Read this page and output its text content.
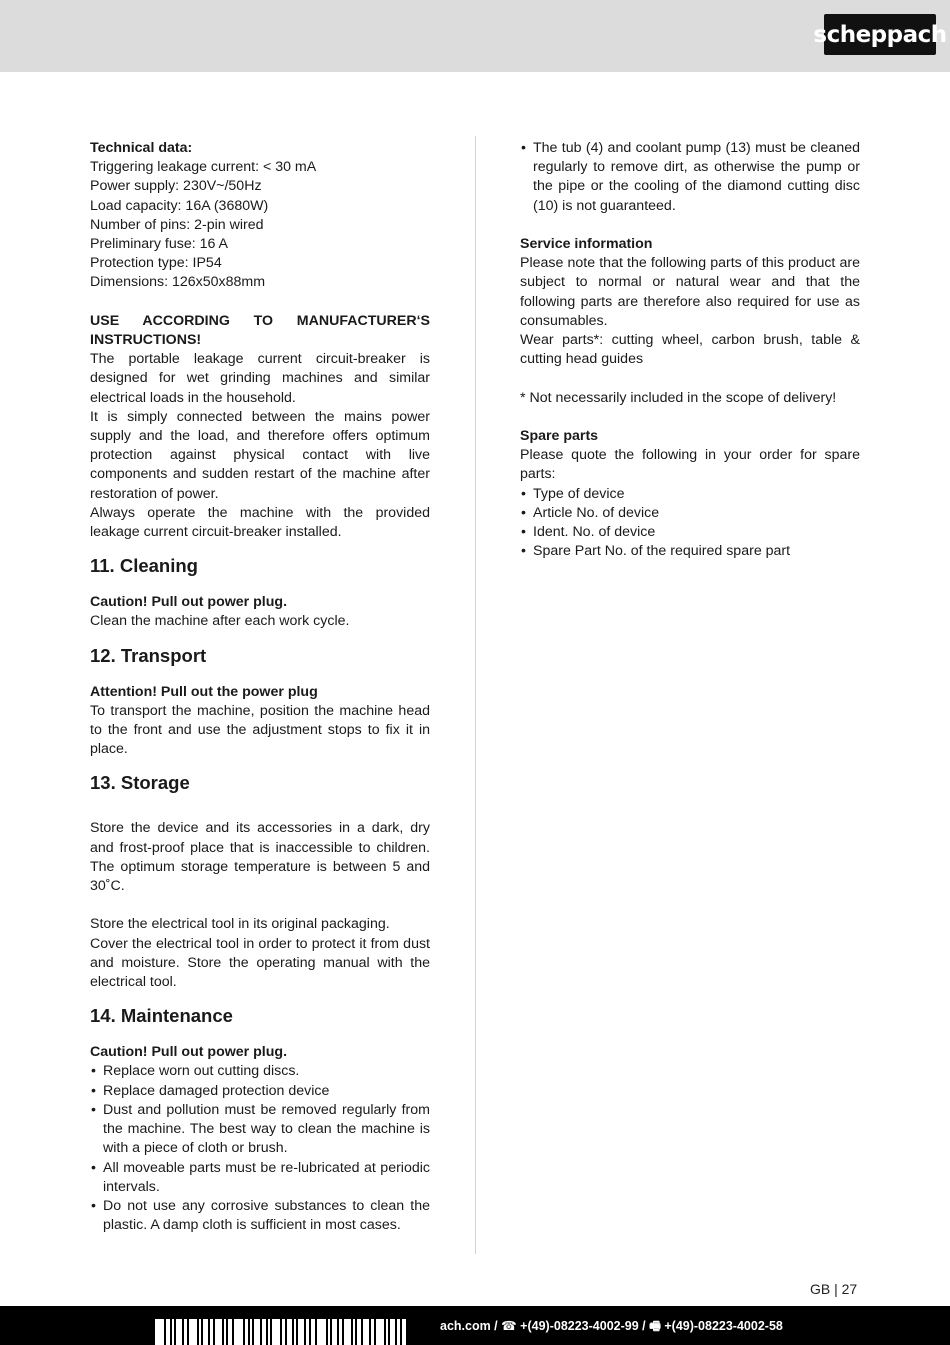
scheppach

Technical data:

Triggering leakage current: < 30 mA

Power supply: 230V~/50Hz

Load capacity: 16A (3680W)

Number of pins: 2-pin wired

Preliminary fuse: 16 A

Protection type: IP54

Dimensions: 126x50x88mm

USE ACCORDING TO MANUFACTURER‘S INSTRUCTIONS!

The portable leakage current circuit-breaker is designed for wet grinding machines and similar electrical loads in the household.

It is simply connected between the mains power supply and the load, and therefore offers optimum protection against physical contact with live components and sudden restart of the machine after restoration of power.

Always operate the machine with the provided leakage current circuit-breaker installed.

11. Cleaning

Caution! Pull out power plug.

Clean the machine after each work cycle.

12. Transport

Attention! Pull out the power plug

To transport the machine, position the machine head to the front and use the adjustment stops to fix it in place.

13. Storage

Store the device and its accessories in a dark, dry and frost-proof place that is inaccessible to children. The optimum storage temperature is between 5 and 30˚C.

Store the electrical tool in its original packaging.

Cover the electrical tool in order to protect it from dust and moisture. Store the operating manual with the electrical tool.

14. Maintenance

Caution! Pull out power plug.

• Replace worn out cutting discs.
• Replace damaged protection device
• Dust and pollution must be removed regularly from the machine. The best way to clean the machine is with a piece of cloth or brush.
• All moveable parts must be re-lubricated at periodic intervals.
• Do not use any corrosive substances to clean the plastic. A damp cloth is sufficient in most cases.
• The tub (4) and coolant pump (13) must be cleaned regularly to remove dirt, as otherwise the pump or the pipe or the cooling of the diamond cutting disc (10) is not guaranteed.

Service information

Please note that the following parts of this product are subject to normal or natural wear and that the following parts are therefore also required for use as consumables.

Wear parts*: cutting wheel, carbon brush, table & cutting head guides

* Not necessarily included in the scope of delivery!

Spare parts

Please quote the following in your order for spare parts:

• Type of device
• Article No. of device
• Ident. No. of device
• Spare Part No. of the required spare part
GB | 27
ach.com / ☎ +(49)-08223-4002-99 / 🖷 +(49)-08223-4002-58
